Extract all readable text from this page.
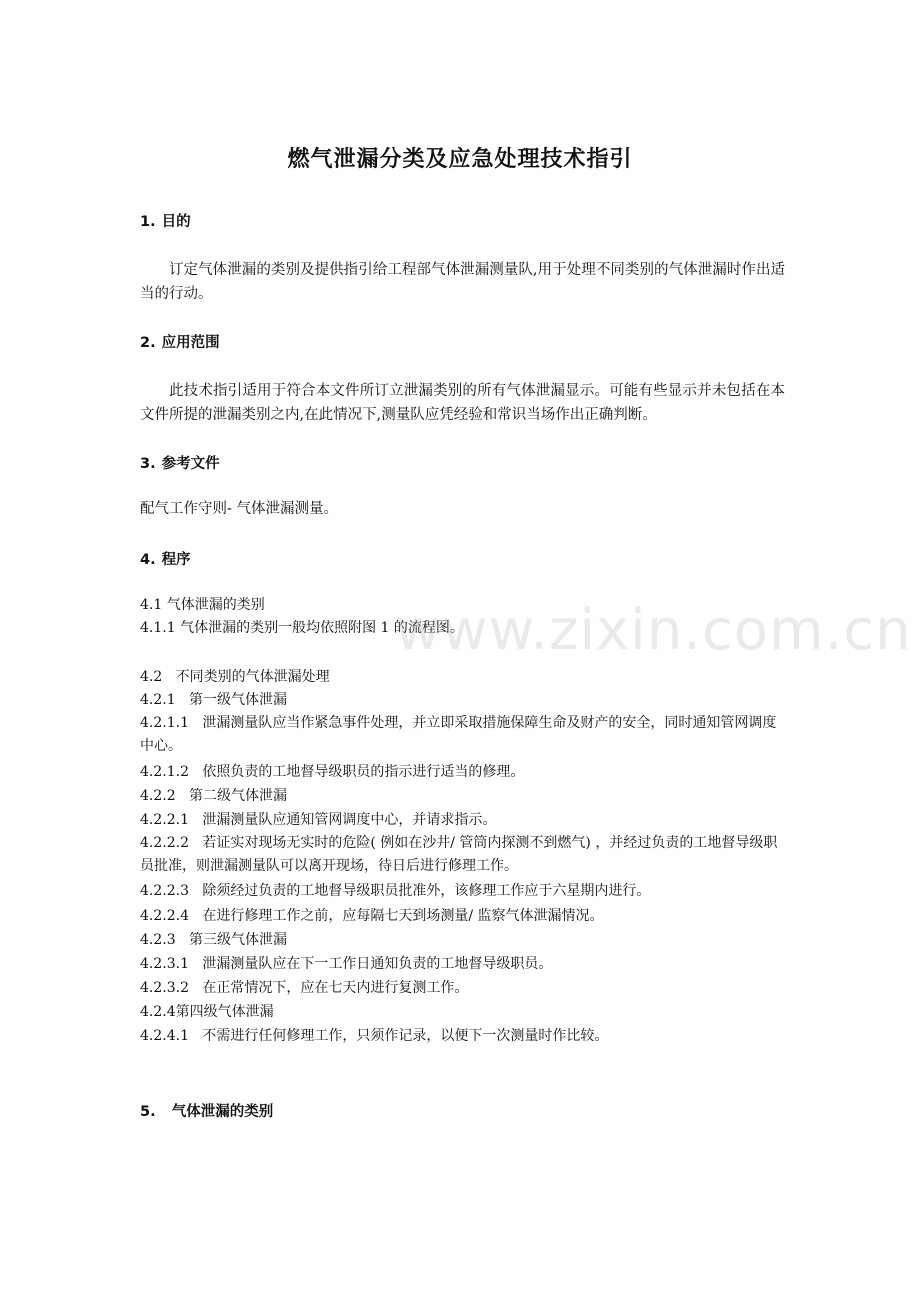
燃气泄漏分类及应急处理技术指引
1. 目的
订定气体泄漏的类别及提供指引给工程部气体泄漏测量队,用于处理不同类别的气体泄漏时作出适当的行动。
2. 应用范围
此技术指引适用于符合本文件所订立泄漏类别的所有气体泄漏显示。可能有些显示并未包括在本文件所提的泄漏类别之内,在此情况下,测量队应凭经验和常识当场作出正确判断。
3. 参考文件
配气工作守则- 气体泄漏测量。
4. 程序
4.1 气体泄漏的类别
4.1.1 气体泄漏的类别一般均依照附图 1 的流程图。
4.2 不同类别的气体泄漏处理
4.2.1 第一级气体泄漏
4.2.1.1 泄漏测量队应当作紧急事件处理，并立即采取措施保障生命及财产的安全，同时通知管网调度中心。
4.2.1.2 依照负责的工地督导级职员的指示进行适当的修理。
4.2.2 第二级气体泄漏
4.2.2.1 泄漏测量队应通知管网调度中心，并请求指示。
4.2.2.2 若证实对现场无实时的危险( 例如在沙井/ 管筒内探测不到燃气) ，并经过负责的工地督导级职员批准，则泄漏测量队可以离开现场，待日后进行修理工作。
4.2.2.3 除须经过负责的工地督导级职员批准外，该修理工作应于六星期内进行。
4.2.2.4 在进行修理工作之前，应每隔七天到场测量/ 监察气体泄漏情况。
4.2.3 第三级气体泄漏
4.2.3.1 泄漏测量队应在下一工作日通知负责的工地督导级职员。
4.2.3.2 在正常情况下，应在七天内进行复测工作。
4.2.4第四级气体泄漏
4.2.4.1 不需进行任何修理工作，只须作记录，以便下一次测量时作比较。
5. 气体泄漏的类别
www.zixin.com.cn
